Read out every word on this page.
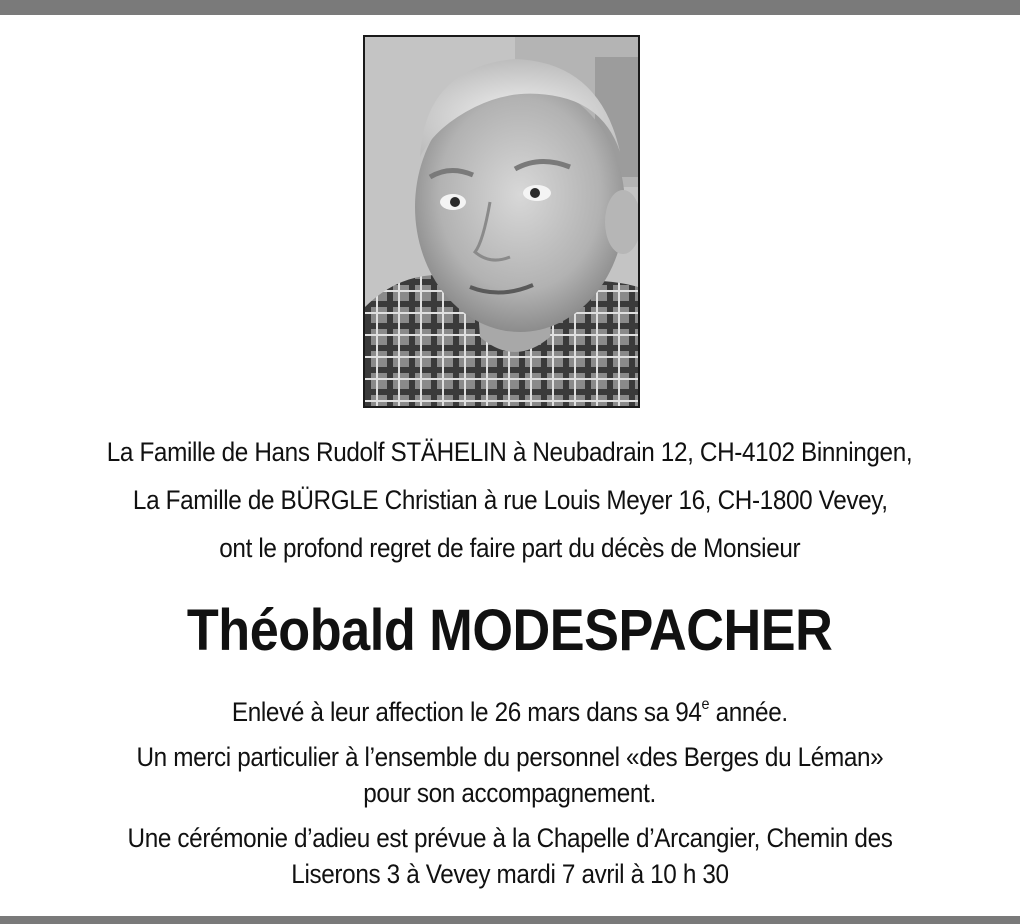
La Famille de Hans Rudolf STÄHELIN à Neubadrain 12, CH-4102 Binningen,
La Famille de BÜRGLE Christian à rue Louis Meyer 16, CH-1800 Vevey,
ont le profond regret de faire part du décès de Monsieur
Théobald MODESPACHER
Enlevé à leur affection le 26 mars dans sa 94e année.
Un merci particulier à l’ensemble du personnel «des Berges du Léman»
pour son accompagnement.
Une cérémonie d’adieu est prévue à la Chapelle d’Arcangier, Chemin des
Liserons 3 à Vevey mardi 7 avril à 10 h 30
